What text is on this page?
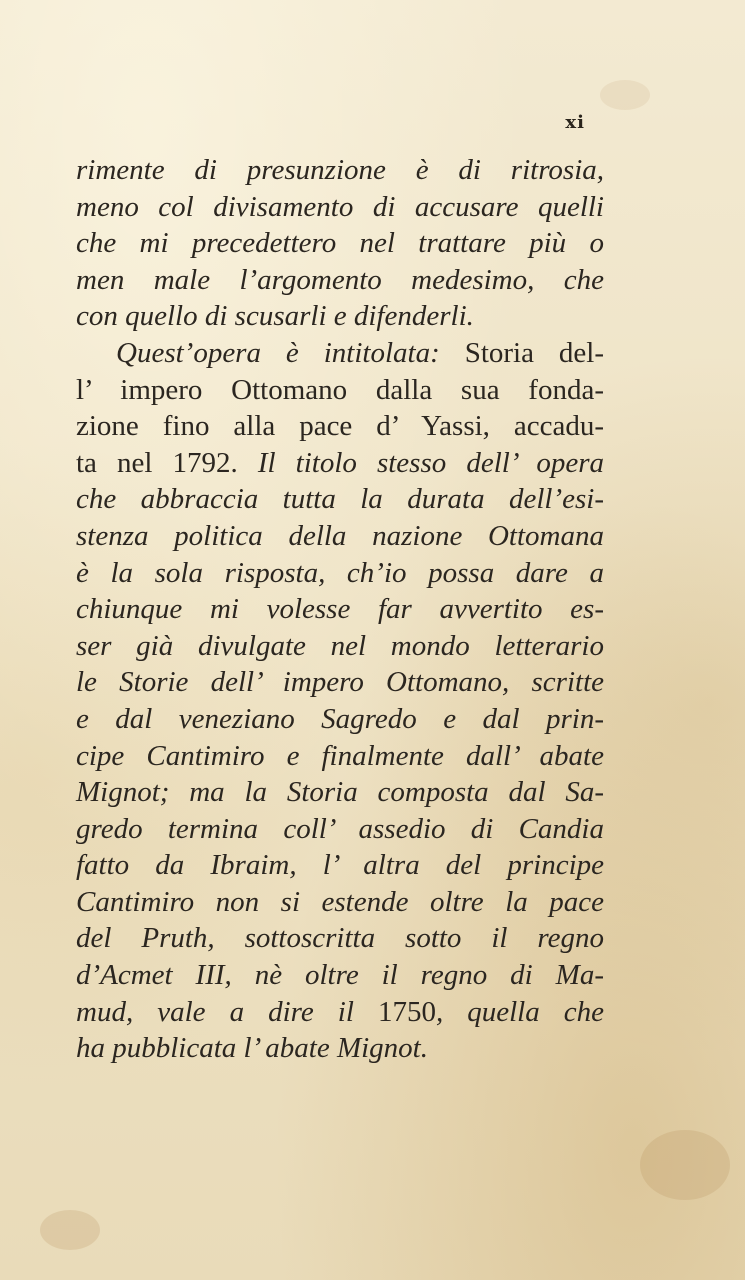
xi
rimente di presunzione è di ritrosia,
meno col divisamento di accusare quelli
che mi precedettero nel trattare più o
men male l’argomento medesimo, che
con quello di scusarli e difenderli.
Quest’opera è intitolata: Storia del-
l’ impero Ottomano dalla sua fonda-
zione fino alla pace d’ Yassi, accadu-
ta nel 1792. Il titolo stesso dell’ opera
che abbraccia tutta la durata dell’esi-
stenza politica della nazione Ottomana
è la sola risposta, ch’io possa dare a
chiunque mi volesse far avvertito es-
ser già divulgate nel mondo letterario
le Storie dell’ impero Ottomano, scritte
e dal veneziano Sagredo e dal prin-
cipe Cantimiro e finalmente dall’ abate
Mignot; ma la Storia composta dal Sa-
gredo termina coll’ assedio di Candia
fatto da Ibraim, l’ altra del principe
Cantimiro non si estende oltre la pace
del Pruth, sottoscritta sotto il regno
d’Acmet III, nè oltre il regno di Ma-
mud, vale a dire il 1750, quella che
ha pubblicata l’ abate Mignot.
